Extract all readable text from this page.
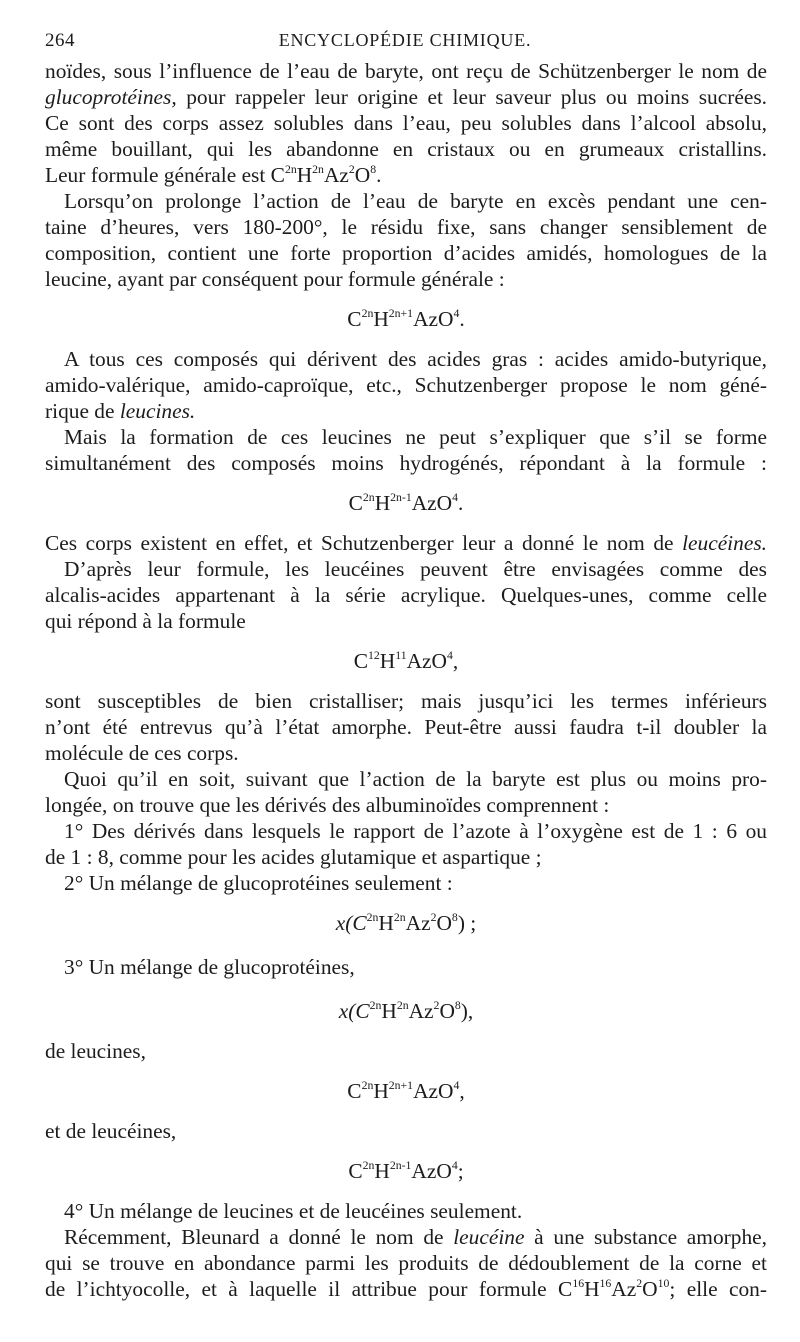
264	ENCYCLOPÉDIE CHIMIQUE.
noïdes, sous l’influence de l’eau de baryte, ont reçu de Schützenberger le nom de
glucoprotéines, pour rappeler leur origine et leur saveur plus ou moins sucrées.
Ce sont des corps assez solubles dans l’eau, peu solubles dans l’alcool absolu,
même bouillant, qui les abandonne en cristaux ou en grumeaux cristallins.
Leur formule générale est $C^{2n}H^{2n}Az^2O^8$.
Lorsqu’on prolonge l’action de l’eau de baryte en excès pendant une cen-
taine d’heures, vers 180-200°, le résidu fixe, sans changer sensiblement de
composition, contient une forte proportion d’acides amidés, homologues de la
leucine, ayant par conséquent pour formule générale :
$C^{2n}H^{2n+1}AzO^4$.
A tous ces composés qui dérivent des acides gras : acides amido-butyrique,
amido-valérique, amido-caproïque, etc., Schutzenberger propose le nom géné-
rique de leucines.
Mais la formation de ces leucines ne peut s’expliquer que s’il se forme
simultanément des composés moins hydrogénés, répondant à la formule :
$C^{2n}H^{2n-1}AzO^4$.
Ces corps existent en effet, et Schutzenberger leur a donné le nom de leucéines.
D’après leur formule, les leucéines peuvent être envisagées comme des
alcalis-acides appartenant à la série acrylique. Quelques-unes, comme celle
qui répond à la formule
$C^{12}H^{11}AzO^4$,
sont susceptibles de bien cristalliser; mais jusqu’ici les termes inférieurs
n’ont été entrevus qu’à l’état amorphe. Peut-être aussi faudra t-il doubler la
molécule de ces corps.
Quoi qu’il en soit, suivant que l’action de la baryte est plus ou moins pro-
longée, on trouve que les dérivés des albuminoïdes comprennent :
1° Des dérivés dans lesquels le rapport de l’azote à l’oxygène est de 1 : 6 ou
de 1 : 8, comme pour les acides glutamique et aspartique ;
2° Un mélange de glucoprotéines seulement :
$x(C^{2n}H^{2n}Az^2O^8)$ ;
3° Un mélange de glucoprotéines,
$x(C^{2n}H^{2n}Az^2O^8)$,
de leucines,
$C^{2n}H^{2n+1}AzO^4$,
et de leucéines,
$C^{2n}H^{2n-1}AzO^4$;
4° Un mélange de leucines et de leucéines seulement.
Récemment, Bleunard a donné le nom de leucéine à une substance amorphe,
qui se trouve en abondance parmi les produits de dédoublement de la corne et
de l’ichtyocolle, et à laquelle il attribue pour formule $C^{16}H^{16}Az^2O^{10}$; elle con-
